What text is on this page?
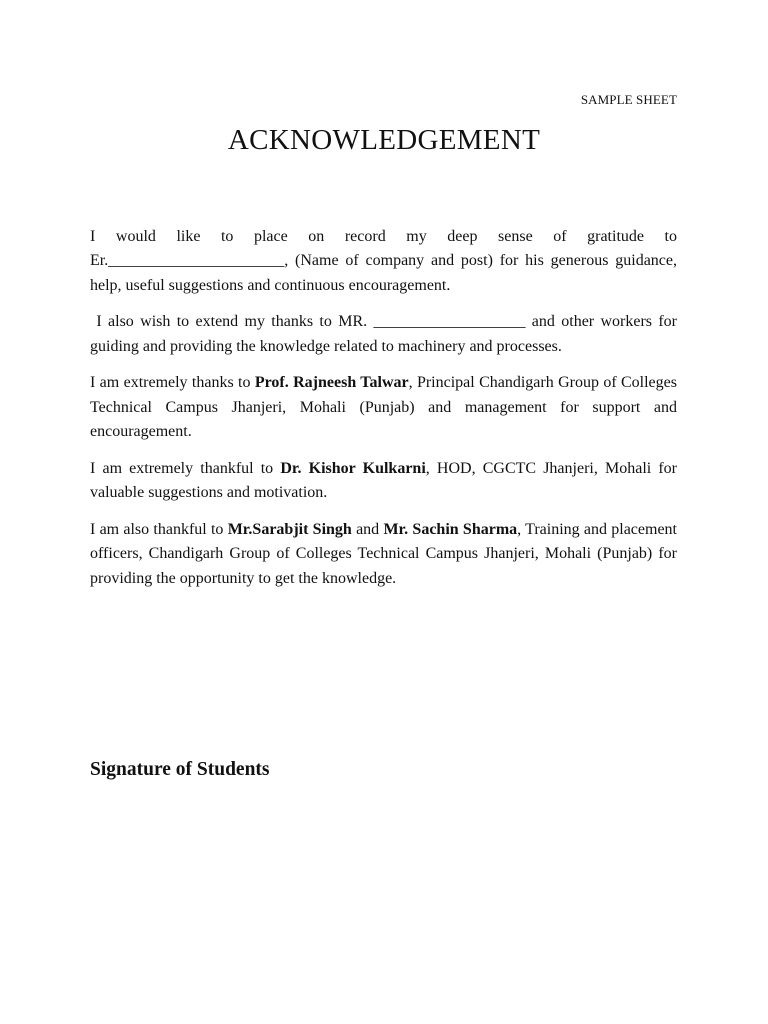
SAMPLE SHEET
ACKNOWLEDGEMENT

I would like to place on record my deep sense of gratitude to Er.______________________, (Name of company and post) for his generous guidance, help, useful suggestions and continuous encouragement.

I also wish to extend my thanks to MR. ___________________ and other workers for guiding and providing the knowledge related to machinery and processes.

I am extremely thanks to Prof. Rajneesh Talwar, Principal Chandigarh Group of Colleges Technical Campus Jhanjeri, Mohali (Punjab) and management for support and encouragement.

I am extremely thankful to Dr. Kishor Kulkarni, HOD, CGCTC Jhanjeri, Mohali for valuable suggestions and motivation.

I am also thankful to Mr.Sarabjit Singh and Mr. Sachin Sharma, Training and placement officers, Chandigarh Group of Colleges Technical Campus Jhanjeri, Mohali (Punjab) for providing the opportunity to get the knowledge.

Signature of Students
